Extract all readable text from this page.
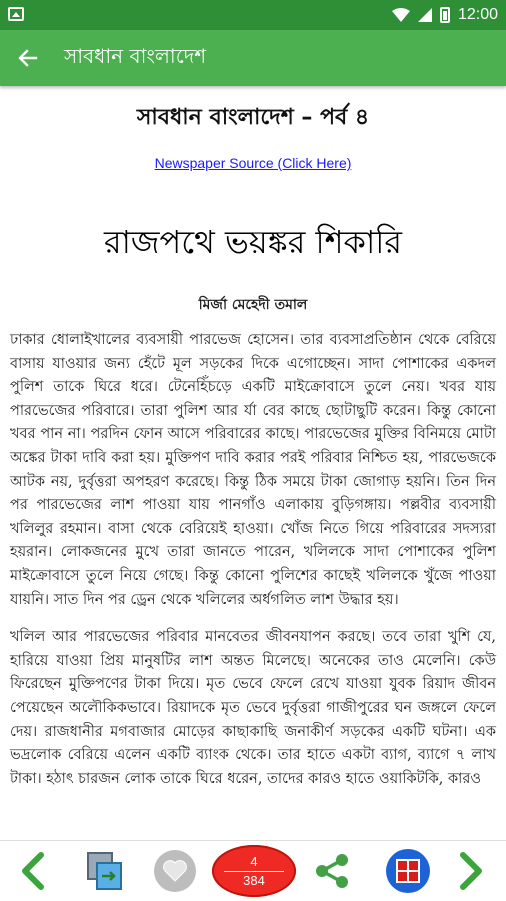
12:00
সাবধান বাংলাদেশ
সাবধান বাংলাদেশ – পর্ব ৪
Newspaper Source (Click Here)
রাজপথে ভয়ঙ্কর শিকারি
মির্জা মেহেদী তমাল

ঢাকার ধোলাইখালের ব্যবসায়ী পারভেজ হোসেন। তার ব্যবসাপ্রতিষ্ঠান থেকে বেরিয়ে বাসায় যাওয়ার জন্য হেঁটে মূল সড়কের দিকে এগোচ্ছেন। সাদা পোশাকের একদল পুলিশ তাকে ঘিরে ধরে। টেনেহিঁচড়ে একটি মাইক্রোবাসে তুলে নেয়। খবর যায় পারভেজের পরিবারে। তারা পুলিশ আর র্যা বের কাছে ছোটাছুটি করেন। কিন্তু কোনো খবর পান না। পরদিন ফোন আসে পরিবারের কাছে। পারভেজের মুক্তির বিনিময়ে মোটা অঙ্কের টাকা দাবি করা হয়। মুক্তিপণ দাবি করার পরই পরিবার নিশ্চিত হয়, পারভেজকে আটক নয়, দুর্বৃত্তরা অপহরণ করেছে। কিন্তু ঠিক সময়ে টাকা জোগাড় হয়নি। তিন দিন পর পারভেজের লাশ পাওয়া যায় পানগাঁও এলাকায় বুড়িগঙ্গায়। পল্লবীর ব্যবসায়ী খলিলুর রহমান। বাসা থেকে বেরিয়েই হাওয়া। খোঁজ নিতে গিয়ে পরিবারের সদস্যরা হয়রান। লোকজনের মুখে তারা জানতে পারেন, খলিলকে সাদা পোশাকের পুলিশ মাইক্রোবাসে তুলে নিয়ে গেছে। কিন্তু কোনো পুলিশের কাছেই খলিলকে খুঁজে পাওয়া যায়নি। সাত দিন পর ড্রেন থেকে খলিলের অর্ধগলিত লাশ উদ্ধার হয়।

খলিল আর পারভেজের পরিবার মানবেতর জীবনযাপন করছে। তবে তারা খুশি যে, হারিয়ে যাওয়া প্রিয় মানুষটির লাশ অন্তত মিলেছে। অনেকের তাও মেলেনি। কেউ ফিরেছেন মুক্তিপণের টাকা দিয়ে। মৃত ভেবে ফেলে রেখে যাওয়া যুবক রিয়াদ জীবন পেয়েছেন অলৌকিকভাবে। রিয়াদকে মৃত ভেবে দুর্বৃত্তরা গাজীপুরের ঘন জঙ্গলে ফেলে দেয়। রাজধানীর মগবাজার মোড়ের কাছাকাছি জনাকীর্ণ সড়কের একটি ঘটনা। এক ভদ্রলোক বেরিয়ে এলেন একটি ব্যাংক থেকে। তার হাতে একটা ব্যাগ, ব্যাগে ৭ লাখ টাকা। হঠাৎ চারজন লোক তাকে ঘিরে ধরেন, তাদের কারও হাতে ওয়াকিটকি, কারও

4
384
